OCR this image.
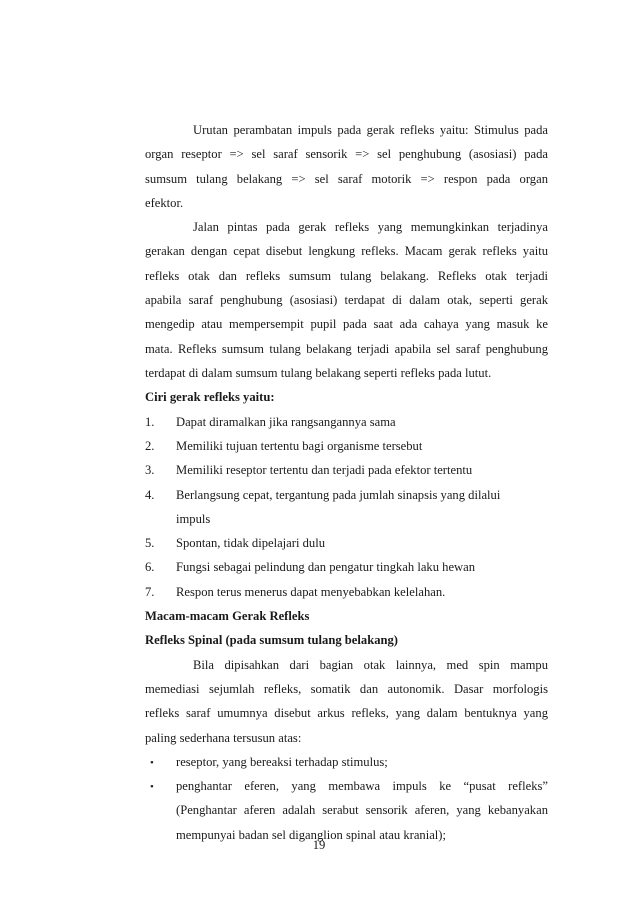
Urutan perambatan impuls pada gerak refleks yaitu: Stimulus pada
organ reseptor => sel saraf sensorik => sel penghubung (asosiasi) pada
sumsum tulang belakang => sel saraf motorik => respon pada organ
efektor.
Jalan pintas pada gerak refleks yang memungkinkan terjadinya
gerakan dengan cepat disebut lengkung refleks. Macam gerak refleks yaitu
refleks otak dan refleks sumsum tulang belakang. Refleks otak terjadi
apabila saraf penghubung (asosiasi) terdapat di dalam otak, seperti gerak
mengedip atau mempersempit pupil pada saat ada cahaya yang masuk ke
mata. Refleks sumsum tulang belakang terjadi apabila sel saraf penghubung
terdapat di dalam sumsum tulang belakang seperti refleks pada lutut.
Ciri gerak refleks yaitu:
1. Dapat diramalkan jika rangsangannya sama
2. Memiliki tujuan tertentu bagi organisme tersebut
3. Memiliki reseptor tertentu dan terjadi pada efektor tertentu
4. Berlangsung cepat, tergantung pada jumlah sinapsis yang dilalui
impuls
5. Spontan, tidak dipelajari dulu
6. Fungsi sebagai pelindung dan pengatur tingkah laku hewan
7. Respon terus menerus dapat menyebabkan kelelahan.
Macam-macam Gerak Refleks
Refleks Spinal (pada sumsum tulang belakang)
Bila dipisahkan dari bagian otak lainnya, med spin mampu
memediasi sejumlah refleks, somatik dan autonomik. Dasar morfologis
refleks saraf umumnya disebut arkus refleks, yang dalam bentuknya yang
paling sederhana tersusun atas:
• reseptor, yang bereaksi terhadap stimulus;
• penghantar eferen, yang membawa impuls ke “pusat refleks”
(Penghantar aferen adalah serabut sensorik aferen, yang kebanyakan
mempunyai badan sel diganglion spinal atau kranial);
19
